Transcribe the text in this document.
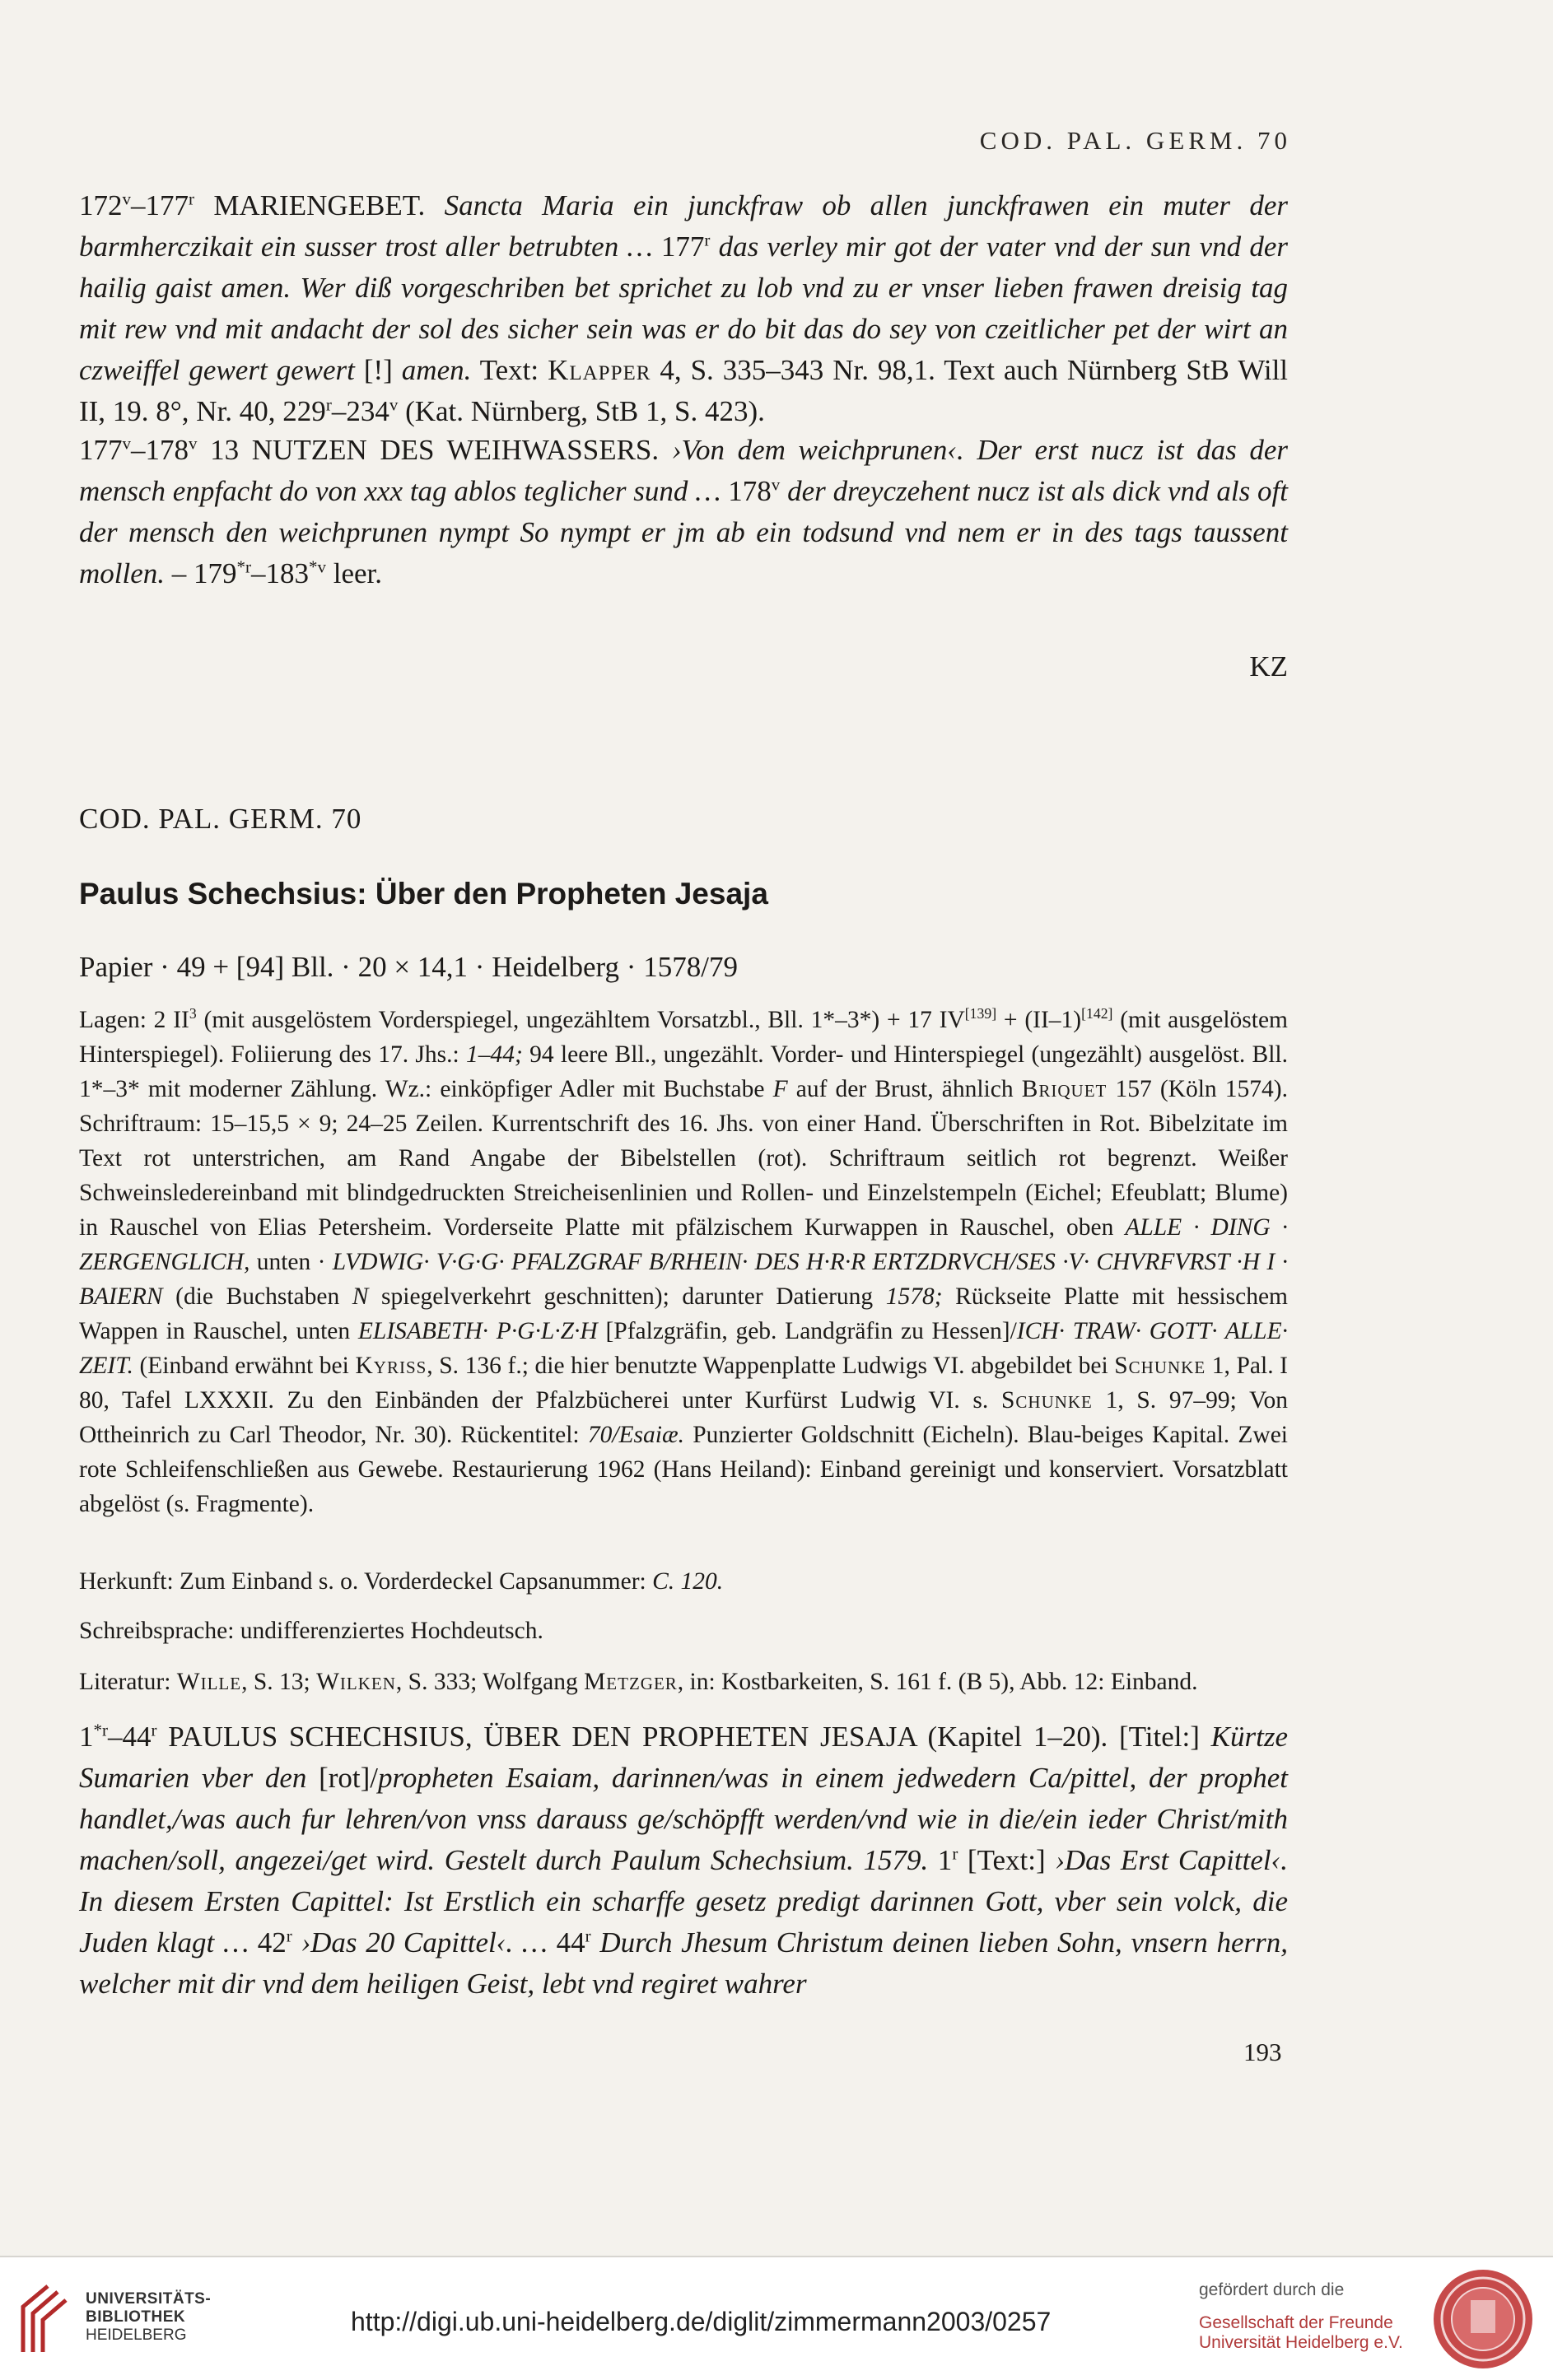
COD. PAL. GERM. 70

172$^v$–177$^r$ MARIENGEBET. Sancta Maria ein junckfraw ob allen junckfrawen ein muter der barmherczikait ein susser trost aller betrubten … 177$^r$ das verley mir got der vater vnd der sun vnd der hailig gaist amen. Wer diß vorgeschriben bet sprichet zu lob vnd zu er vnser lieben frawen dreisig tag mit rew vnd mit andacht der sol des sicher sein was er do bit das do sey von czeitlicher pet der wirt an czweiffel gewert gewert [!] amen. Text: Klapper 4, S. 335–343 Nr. 98,1. Text auch Nürnberg StB Will II, 19. 8°, Nr. 40, 229$^r$–234$^v$ (Kat. Nürnberg, StB 1, S. 423).

177$^v$–178$^v$ 13 NUTZEN DES WEIHWASSERS. ›Von dem weichprunen‹. Der erst nucz ist das der mensch enpfacht do von xxx tag ablos teglicher sund … 178$^v$ der dreyczehent nucz ist als dick vnd als oft der mensch den weichprunen nympt So nympt er jm ab ein todsund vnd nem er in des tags taussent mollen. – 179$^{*r}$–183$^{*v}$ leer.

KZ
COD. PAL. GERM. 70
Paulus Schechsius: Über den Propheten Jesaja
Papier · 49 + [94] Bll. · 20 × 14,1 · Heidelberg · 1578/79

Lagen: 2 $II^3$ (mit ausgelöstem Vorderspiegel, ungezähltem Vorsatzbl., Bll. 1*–3*) + 17 IV[139] + (II–1)[142] (mit ausgelöstem Hinterspiegel). Foliierung des 17. Jhs.: 1–44; 94 leere Bll., ungezählt. Vorder- und Hinterspiegel (ungezählt) ausgelöst. Bll. 1*–3* mit moderner Zählung. Wz.: einköpfiger Adler mit Buchstabe F auf der Brust, ähnlich Briquet 157 (Köln 1574). Schriftraum: 15–15,5 × 9; 24–25 Zeilen. Kurrentschrift des 16. Jhs. von einer Hand. Überschriften in Rot. Bibelzitate im Text rot unterstrichen, am Rand Angabe der Bibelstellen (rot). Schriftraum seitlich rot begrenzt. Weißer Schweinsledereinband mit blindgedruckten Streicheisenlinien und Rollen- und Einzelstempeln (Eichel; Efeublatt; Blume) in Rauschel von Elias Petersheim. Vorderseite Platte mit pfälzischem Kurwappen in Rauschel, oben ALLE · DING · ZERGENGLICH, unten · LVDWIG· V·G·G· PFALZGRAF B/RHEIN· DES H·R·R ERTZDRVCH/SES ·V· CHVRFVRST ·H I · BAIERN (die Buchstaben N spiegelverkehrt geschnitten); darunter Datierung 1578; Rückseite Platte mit hessischem Wappen in Rauschel, unten ELISABETH· P·G·L·Z·H [Pfalzgräfin, geb. Landgräfin zu Hessen]/ICH· TRAW· GOTT· ALLE· ZEIT. (Einband erwähnt bei Kyriss, S. 136 f.; die hier benutzte Wappenplatte Ludwigs VI. abgebildet bei Schunke 1, Pal. I 80, Tafel LXXXII. Zu den Einbänden der Pfalzbücherei unter Kurfürst Ludwig VI. s. Schunke 1, S. 97–99; Von Ottheinrich zu Carl Theodor, Nr. 30). Rückentitel: 70/Esaiæ. Punzierter Goldschnitt (Eicheln). Blau-beiges Kapital. Zwei rote Schleifenschließen aus Gewebe. Restaurierung 1962 (Hans Heiland): Einband gereinigt und konserviert. Vorsatzblatt abgelöst (s. Fragmente).

Herkunft: Zum Einband s. o. Vorderdeckel Capsanummer: C. 120.

Schreibsprache: undifferenziertes Hochdeutsch.

Literatur: Wille, S. 13; Wilken, S. 333; Wolfgang Metzger, in: Kostbarkeiten, S. 161 f. (B 5), Abb. 12: Einband.

1$^{*r}$–44$^r$ PAULUS SCHECHSIUS, ÜBER DEN PROPHETEN JESAJA (Kapitel 1–20). [Titel:] Kürtze Sumarien vber den [rot]/propheten Esaiam, darinnen/was in einem jedwedern Ca/pittel, der prophet handlet,/was auch fur lehren/von vnss darauss ge/schöpfft werden/vnd wie in die/ein ieder Christ/mith machen/soll, angezei/get wird. Gestelt durch Paulum Schechsium. 1579. 1$^r$ [Text:] ›Das Erst Capittel‹. In diesem Ersten Capittel: Ist Erstlich ein scharffe gesetz predigt darinnen Gott, vber sein volck, die Juden klagt … 42$^r$ ›Das 20 Capittel‹. … 44$^r$ Durch Jhesum Christum deinen lieben Sohn, vnsern herrn, welcher mit dir vnd dem heiligen Geist, lebt vnd regiret wahrer

193
UNIVERSITÄTS-
BIBLIOTHEK
HEIDELBERG	http://digi.ub.uni-heidelberg.de/diglit/zimmermann2003/0257
gefördert durch die
Gesellschaft der Freunde
Universität Heidelberg e.V.
